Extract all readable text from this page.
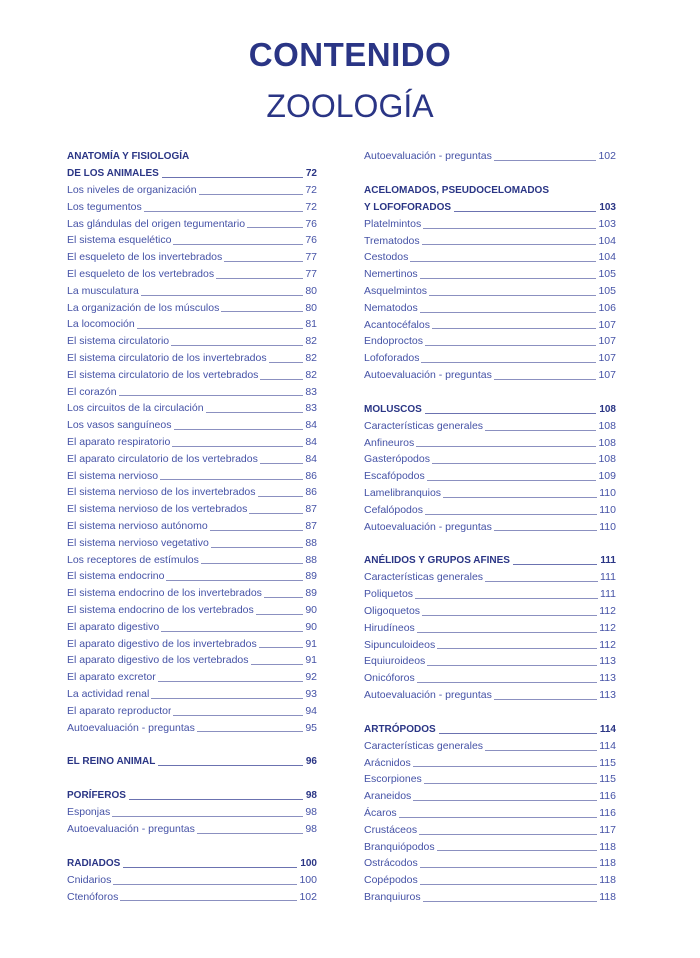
CONTENIDO
ZOOLOGÍA
ANATOMÍA Y FISIOLOGÍA
DE LOS ANIMALES	72
Los niveles de organización	72
Los tegumentos	72
Las glándulas del origen tegumentario	76
El sistema esquelético	76
El esqueleto de los invertebrados	77
El esqueleto de los vertebrados	77
La musculatura	80
La organización de los músculos	80
La locomoción	81
El sistema circulatorio	82
El sistema circulatorio de los invertebrados	82
El sistema circulatorio de los vertebrados	82
El corazón	83
Los circuitos de la circulación	83
Los vasos sanguíneos	84
El aparato respiratorio	84
El aparato circulatorio de los vertebrados	84
El sistema nervioso	86
El sistema nervioso de los invertebrados	86
El sistema nervioso de los vertebrados	87
El sistema nervioso autónomo	87
El sistema nervioso vegetativo	88
Los receptores de estímulos	88
El sistema endocrino	89
El sistema endocrino de los invertebrados	89
El sistema endocrino de los vertebrados	90
El aparato digestivo	90
El aparato digestivo de los invertebrados	91
El aparato digestivo de los vertebrados	91
El aparato excretor	92
La actividad renal	93
El aparato reproductor	94
Autoevaluación - preguntas	95
EL REINO ANIMAL	96
PORÍFEROS	98
Esponjas	98
Autoevaluación - preguntas	98
RADIADOS	100
Cnidarios	100
Ctenóforos	102
Autoevaluación - preguntas	102
ACELOMADOS, PSEUDOCELOMADOS
Y LOFOFORADOS	103
Platelmintos	103
Trematodos	104
Cestodos	104
Nemertinos	105
Asquelmintos	105
Nematodos	106
Acantocéfalos	107
Endoproctos	107
Lofoforados	107
Autoevaluación - preguntas	107
MOLUSCOS	108
Características generales	108
Anfineuros	108
Gasterópodos	108
Escafópodos	109
Lamelibranquios	110
Cefalópodos	110
Autoevaluación - preguntas	110
ANÉLIDOS Y GRUPOS AFINES	111
Características generales	111
Poliquetos	111
Oligoquetos	112
Hirudíneos	112
Sipunculoideos	112
Equiuroideos	113
Onicóforos	113
Autoevaluación - preguntas	113
ARTRÓPODOS	114
Características generales	114
Arácnidos	115
Escorpiones	115
Araneidos	116
Ácaros	116
Crustáceos	117
Branquiópodos	118
Ostrácodos	118
Copépodos	118
Branquiuros	118
